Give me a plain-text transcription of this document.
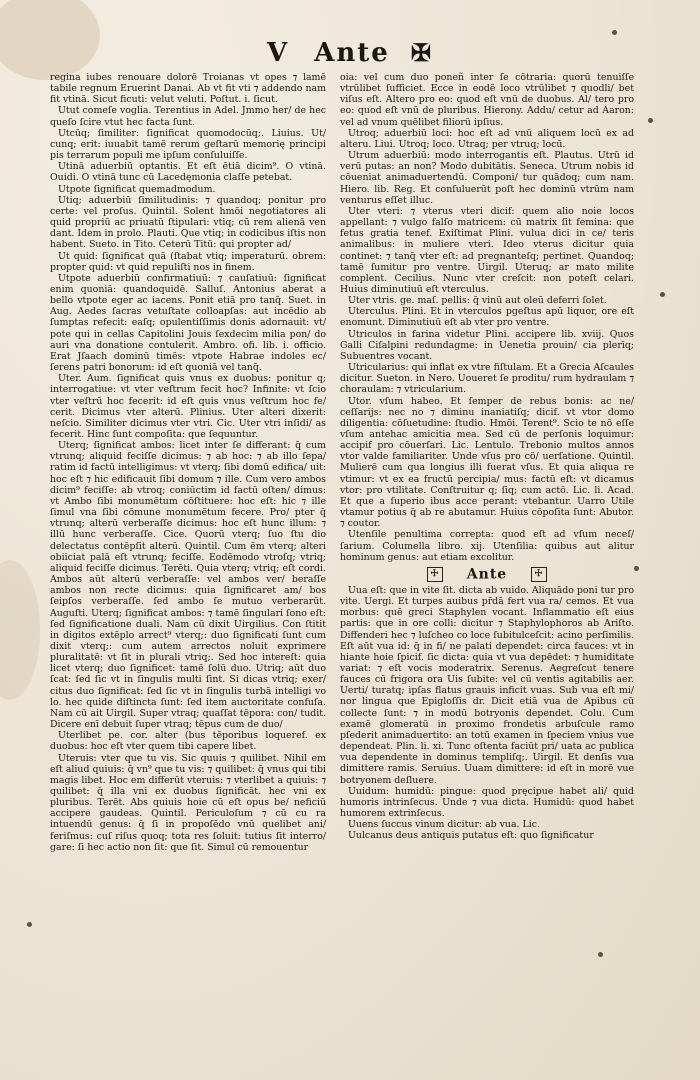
V Ante ✠

regina iubes renouare dolorē Troianas vt opes ⁊ lamē tabile regnum Eruerint Danai. Ab vt fit vti ⁊ addendo nam fit vtinā. Sicut ficuti: velut veluti. Poſtut. i. ſicut.

Utut comeſe voglia. Terentius in Adel. Jmmo her/ de hec queſo ſcire vtut hec facta ſunt.

Utcūq; ſimiliter: ſignificat quomodocūq;. Liuius. Ut/ cunq; erit: iuuabit tamē rerum geſtarū memorię principi pis terrarum populi me ipſum conſuluiſſe.

Utinā aduerbiū optantis. Et eſt ētiā dicim⁹. O vtinā. Ouidi. O vtinā tunc cū Lacedęmonia claſſe petebat.

Utpote ſignificat quemadmodum.

Utiq; aduerbiū ſimilitudinis: ⁊ quandoq; ponitur pro certe: vel proſus. Quintil. Solent hmōi negotiatores ali quid propriū ac priuatū ſtipulari: vtiq; cū rem alienā ven dant. Idem in prolo. Plauti. Que vtiq; in codicibus iſtis non habent. Sueto. in Tito. Ceterū Titū: qui propter ad/

Ut quid: ſignificat quā (ſtabat vtiq; imperaturū. obrem: propter quid: vt quid repuliſti nos in finem.

Utpote aduerbiū confirmatiuū: ⁊ cauſatiuū: ſignificat enim quoniā: quandoquidē. Salluſ. Antonius aberat a bello vtpote eger ac iacens. Ponit etiā pro tanq̄. Suet. in Aug. Aedes ſacras vetuſtate colloapſas: aut incēdio ab ſumptas refecit: eaſq; opulentiſſimis donis adornauit: vt/ pote qui in cellas Capitolini Jouis ſexdecim milia pon/ do auri vna donatione contulerit. Ambro. ofi. lib. i. officio. Erat Jſaach dominū timēs: vtpote Habrae indoles ec/ ſerens patri bonorum: id eſt quoniā vel tanq̄.

Uter. Aum. ſignificat quis vnus ex duobus: ponitur q; interrogatiue: vt vter veſtrum fecit hoc? Infinite: vt ſcio vter veſtrū hoc fecerit: id eſt quis vnus veſtrum hoc fe/ cerit. Dicimus vter alterū. Plinius. Uter alteri dixerit: neſcio. Similiter dicimus vter vtri. Cic. Uter vtri inſidi/ as fecerit. Hinc ſunt compoſita: que ſequuntur.

Uterq; ſignificat ambos: licet inter ſe differant: q̄ cum vtrunq; aliquid feciſſe dicimus: ⁊ ab hoc: ⁊ ab illo ſepa/ ratim id factū intelligimus: vt vterq; ſibi domū edifica/ uit: hoc eſt ⁊ hic edificauit ſibi domum ⁊ ille. Cum vero ambos dicim⁹ feciſſe: ab vtroq; coniūctim id factū oſten/ dimus: vt Ambo ſibi monumētum cōſtituere: hoc eſt: hic ⁊ ille ſimul vna ſibi cōmune monumētum fecere. Pro/ pter q̄ vtrunq; alterū verberaſſe dicimus: hoc eſt hunc illum: ⁊ illū hunc verberaſſe. Cice. Quorū vterq; ſuo ſtu dio delectatus contēpſit alterū. Quintil. Cum ēm vterq; alteri obiiciat palā eſt vtrunq; feciſſe. Eodēmodo vtroſq; vtriq; aliquid feciſſe dicimus. Terēti. Quia vterq; vtriq; eſt cordi. Ambos aūt alterū verberaſſe: vel ambos ver/ beraſſe ambos non recte dicimus: quia ſignificaret am/ bos ſeipſos verberaſſe. ſed ambo ſe mutuo verberarūt. Auguſti. Uterq; ſignificat ambos: ⁊ tamē ſingulari ſono eſt: ſed ſignificatione duali. Nam cū dixit Uirgilius. Con ſtitit in digitos extēplo arrect⁹ vterq;: duo ſignificati ſunt cum dixit vterq;: cum autem arrectos noluit exprimere pluralitatē: vt ſit in plurali vtriq;. Sed hoc intereſt: quia licet vterq; duo ſignificet: tamē ſolū duo. Utriq; aūt duo ſcat: ſed ſic vt in ſingulis multi ſint. Si dicas vtriq; exer/ citus duo ſignificat: ſed ſic vt in ſingulis turbā intelligi vo lo. hec quide diſtincta ſunt: ſed item auctoritate confuſa. Nam cū ait Uirgil. Super vtraq; quaſſat tēpora: con/ tudit. Dicere enī debuit ſuper vtraq; tēpus cum de duo/

Uterlibet pe. cor. alter (bus tēporibus loqueref. ex duobus: hoc eſt vter quem tibi capere libet.

Uteruis: vter que tu vis. Sic quuis ⁊ quilibet. Nihil em eſt aliud quiuis: q̄ vn⁹ que tu vis: ⁊ quilibet: q̄ vnus qui tibi magis libet. Hoc em differūt vteruis: ⁊ vterlibet a quiuis: ⁊ quilibet: q̄ illa vni ex duobus ſignificāt. hec vni ex pluribus. Terēt. Abs quiuis hoie cū eſt opus be/ neficiū accipere gaudeas. Quintil. Periculoſum ⁊ cū cu ra intuendū genus: q̄ ſi in propoſēdo vnū quelibet ani/ feriſmus: cuſ riſus quoq; tota res ſoluit: tutius ſit interro/ gare: ſi hec actio non ſit: que ſit. Simul cū remouentur

oia: vel cum duo poneñ inter ſe cōtraria: quorū tenuiſſe vtrūlibet ſufficiet. Ecce in eodē loco vtrūlibet ⁊ quodli/ bet viſus eſt. Altero pro eo: quod eſt vnū de duobus. Al/ tero pro eo: quod eſt vnū de pluribus. Hierony. Addu/ cetur ad Aaron: vel ad vnum quēlibet filiorū ipſius.

Utroq; aduerbiū loci: hoc eſt ad vnū aliquem locū ex ad alteru. Liui. Utroq; loco. Utraq; per vtruq; locū.

Utrum aduerbiū: modo interrogantis eſt. Plautus. Utrū id verū putas: an non? Modo dubitātis. Seneca. Utrum nobis id cōueniat animaduertendū. Componi/ tur quādoq; cum nam. Hiero. lib. Reg. Et conſuluerūt poſt hec dominū vtrūm nam venturus eſſet illuc.

Uter vteri: ⁊ vterus vteri dicif: quem alio noie locos appellant: ⁊ vulgo falſo matricem: cū matrix ſit femina: que fetus gratia tenef. Exiſtimat Plini. vulua dici in ce/ teris animalibus: in muliere vteri. Ideo vterus dicitur quia continet: ⁊ tanq̄ vter eſt: ad pregnanteſq; pertinet. Quandoq; tamē ſumitur pro ventre. Uirgil. Uteruq; ar mato milite complent. Cecilius. Nunc vter creſcit: non poteſt celari. Huius diminutiuū eſt vterculus.

Uter vtris. ge. maſ. pellis: q̄ vinū aut oleū deferri ſolet.

Uterculus. Plini. Et in vterculos pgeſtus apū liquor, ore eſt enomunt. Diminutiuū eſt ab vter pro ventre.

Utriculos in farina videtur Plini. accipere lib. xviij. Quos Galli Ciſalpini redundagme: in Uenetia prouin/ cia plerīq; Subuentres vocant.

Utricularius: qui inflat ex vtre fiſtulam. Et a Grecia Aſcaules dicitur. Sueton. in Nero. Uoueret ſe proditu/ rum hydraulam ⁊ choraulam: ⁊ vtricularium.

Utor. vſum habeo. Et ſemper de rebus bonis: ac ne/ ceſſarijs: nec no ⁊ diminu inaniatiſq; dicif. vt vtor domo diligentia: cōſuetudine: ſtudio. Hmōi. Terent⁹. Scio te nō eſſe vſum antehac amicitia mea. Sed cū de perſonis loquimur: accipif pro cōuerſari. Lic. Lentulo. Trebonio multos annos vtor valde familiariter. Unde vſus pro cō/ uerſatione. Quintil. Mulierē cum qua longius illi fuerat vſus. Et quia aliqua re vtimur: vt ex ea fructū percipia/ mus: factū eſt: vt dicamus vtor: pro vtilitate. Conſtruitur q; ſiq; cum actō. Lic. li. Acad. Et que a ſuperio ibus acce perant: vtebantur. Uarro Utile vtamur potius q̄ ab re abutamur. Huius cōpoſita ſunt: Abutor. ⁊ coutor.

Utenſile penultima correpta: quod eſt ad vſum neceſ/ ſarium. Columella libro. xij. Utenſilia: quibus aut alitur hominum genus: aut etiam excolitur.

☩ Ante	☩

Uua eſt: que in vite ſit. dicta ab vuido. Aliquādo poni tur pro vite. Uergi. Et turpes auibus pr̄dā fert vua ra/ cemos. Et vua morbus: quē greci Staphylen vocant. Inflammatio eſt eius partis: que in ore colli: dicitur ⁊ Staphylophoros ab Ariſto. Diffenderi hec ⁊ luſcheo co loce ſubitulceſcit: acino perſimilis. Eſt aūt vua id: q̄ in fi/ ne palati dependet: circa fauces: vt in hiante hoie ſpicif. ſic dicta: quia vt vua depēdet: ⁊ humiditate variat: ⁊ eſt vocis moderatrix. Serenus. Aegreſcut tenere fauces cū frigora ora Uis ſubite: vel cū ventis agitabilis aer. Uerti/ turatq; ipſas flatus grauis inficit vuas. Sub vua eſt mi/ nor lingua que Epigloſſis dr. Dicit etiā vua de Apibus cū collecte ſunt: ⁊ in modū botryonis dependet. Colu. Cum examē glomeratū in proximo frondetis arbuſcule ramo pſederit animaduertito: an totū examen in ſpeciem vnius vue dependeat. Plin. li. xi. Tunc oſtenta faciūt pri/ uata ac publica vua dependente in dominus templiſq;. Uirgil. Et denſis vua dimittere ramis. Seruius. Uuam dimittere: id eſt in morē vue botryonem deſluere.

Uuidum: humidū: pingue: quod pręcipue habet ali/ quid humoris intrinſecus. Unde ⁊ vua dicta. Humidū: quod habet humorem extrinſecus.

Uuens ſuccus vinum dicitur: ab vua. Lic.

Uulcanus deus antiquis putatus eſt: quo ſignificatur
